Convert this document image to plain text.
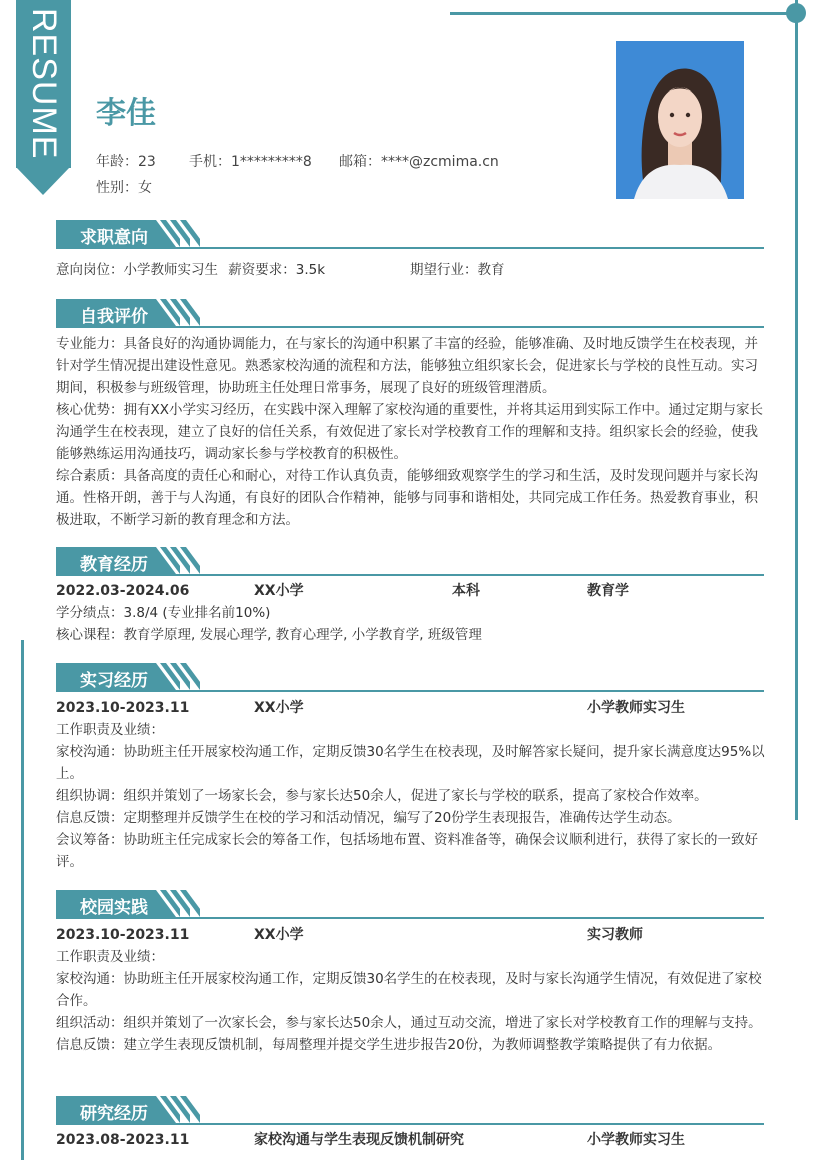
RESUME 李佳
年龄：23 手机：1*********8 邮箱：****@zcmima.cn
性别：女
求职意向
意向岗位：小学教师实习生 薪资要求：3.5k	期望行业：教育
自我评价

专业能力：具备良好的沟通协调能力，在与家长的沟通中积累了丰富的经验，能够准确、及时地反馈学生在校表现，并针对学生情况提出建设性意见。熟悉家校沟通的流程和方法，能够独立组织家长会，促进家长与学校的良性互动。实习期间，积极参与班级管理，协助班主任处理日常事务，展现了良好的班级管理潜质。

核心优势：拥有XX小学实习经历，在实践中深入理解了家校沟通的重要性，并将其运用到实际工作中。通过定期与家长沟通学生在校表现，建立了良好的信任关系，有效促进了家长对学校教育工作的理解和支持。组织家长会的经验，使我能够熟练运用沟通技巧，调动家长参与学校教育的积极性。

综合素质：具备高度的责任心和耐心，对待工作认真负责，能够细致观察学生的学习和生活，及时发现问题并与家长沟通。性格开朗，善于与人沟通，有良好的团队合作精神，能够与同事和谐相处，共同完成工作任务。热爱教育事业，积极进取，不断学习新的教育理念和方法。

教育经历
2022.03-2024.06	XX小学	本科	教育学

学分绩点：3.8/4 (专业排名前10%)

核心课程：教育学原理, 发展心理学, 教育心理学, 小学教育学, 班级管理

实习经历
2023.10-2023.11	XX小学	小学教师实习生

工作职责及业绩：

家校沟通：协助班主任开展家校沟通工作，定期反馈30名学生在校表现，及时解答家长疑问，提升家长满意度达95%以上。

组织协调：组织并策划了一场家长会，参与家长达50余人，促进了家长与学校的联系，提高了家校合作效率。

信息反馈：定期整理并反馈学生在校的学习和活动情况，编写了20份学生表现报告，准确传达学生动态。

会议筹备：协助班主任完成家长会的筹备工作，包括场地布置、资料准备等，确保会议顺利进行，获得了家长的一致好评。

校园实践
2023.10-2023.11	XX小学	实习教师

工作职责及业绩：

家校沟通：协助班主任开展家校沟通工作，定期反馈30名学生的在校表现，及时与家长沟通学生情况，有效促进了家校合作。

组织活动：组织并策划了一次家长会，参与家长达50余人，通过互动交流，增进了家长对学校教育工作的理解与支持。

信息反馈：建立学生表现反馈机制，每周整理并提交学生进步报告20份，为教师调整教学策略提供了有力依据。

研究经历
2023.08-2023.11	家校沟通与学生表现反馈机制研究	小学教师实习生
